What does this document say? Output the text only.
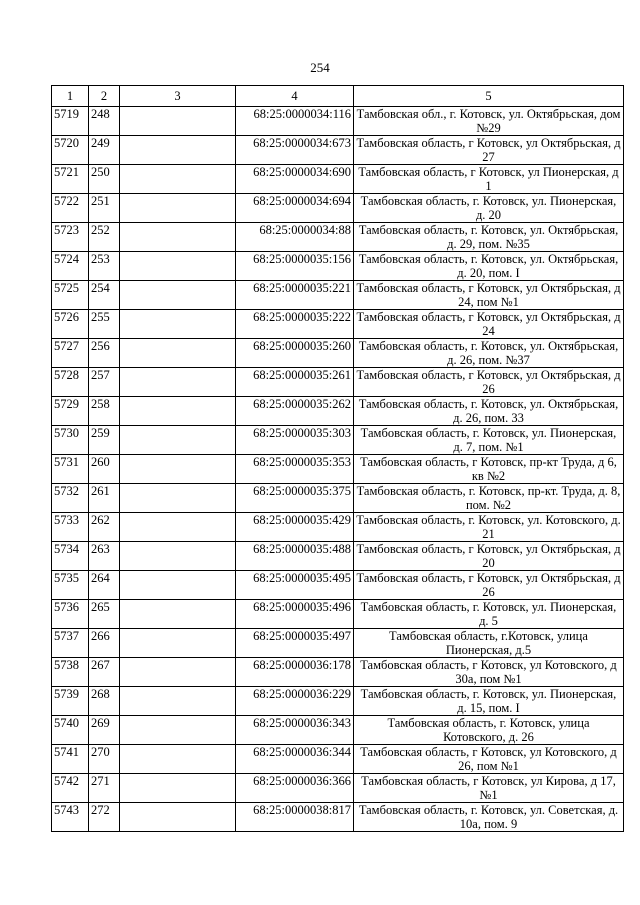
254
1	2	3	4	5
5719	248		68:25:0000034:116	Тамбовская обл., г. Котовск, ул. Октябрьская, дом №29
5720	249		68:25:0000034:673	Тамбовская область, г Котовск, ул Октябрьская, д 27
5721	250		68:25:0000034:690	Тамбовская область, г Котовск, ул Пионерская, д 1
5722	251		68:25:0000034:694	Тамбовская область, г. Котовск, ул. Пионерская, д. 20
5723	252		68:25:0000034:88	Тамбовская область, г. Котовск, ул. Октябрьская, д. 29, пом. №35
5724	253		68:25:0000035:156	Тамбовская область, г. Котовск, ул. Октябрьская, д. 20, пом. I
5725	254		68:25:0000035:221	Тамбовская область, г Котовск, ул Октябрьская, д 24, пом №1
5726	255		68:25:0000035:222	Тамбовская область, г Котовск, ул Октябрьская, д 24
5727	256		68:25:0000035:260	Тамбовская область, г. Котовск, ул. Октябрьская, д. 26, пом. №37
5728	257		68:25:0000035:261	Тамбовская область, г Котовск, ул Октябрьская, д 26
5729	258		68:25:0000035:262	Тамбовская область, г. Котовск, ул. Октябрьская, д. 26, пом. 33
5730	259		68:25:0000035:303	Тамбовская область, г. Котовск, ул. Пионерская, д. 7, пом. №1
5731	260		68:25:0000035:353	Тамбовская область, г Котовск, пр-кт Труда, д 6, кв №2
5732	261		68:25:0000035:375	Тамбовская область, г. Котовск, пр-кт. Труда, д. 8, пом. №2
5733	262		68:25:0000035:429	Тамбовская область, г. Котовск, ул. Котовского, д. 21
5734	263		68:25:0000035:488	Тамбовская область, г Котовск, ул Октябрьская, д 20
5735	264		68:25:0000035:495	Тамбовская область, г Котовск, ул Октябрьская, д 26
5736	265		68:25:0000035:496	Тамбовская область, г. Котовск, ул. Пионерская, д. 5
5737	266		68:25:0000035:497	Тамбовская область, г.Котовск, улица Пионерская, д.5
5738	267		68:25:0000036:178	Тамбовская область, г Котовск, ул Котовского, д 30а, пом №1
5739	268		68:25:0000036:229	Тамбовская область, г. Котовск, ул. Пионерская, д. 15, пом. I
5740	269		68:25:0000036:343	Тамбовская область, г. Котовск, улица Котовского, д. 26
5741	270		68:25:0000036:344	Тамбовская область, г Котовск, ул Котовского, д 26, пом №1
5742	271		68:25:0000036:366	Тамбовская область, г Котовск, ул Кирова, д 17, №1
5743	272		68:25:0000038:817	Тамбовская область, г. Котовск, ул. Советская, д. 10а, пом. 9
